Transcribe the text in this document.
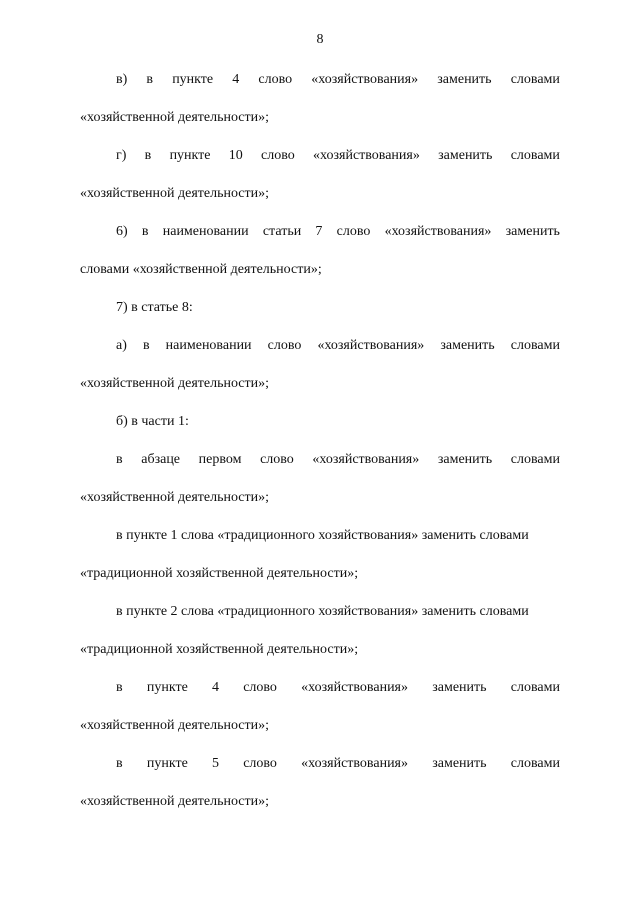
8
в) в пункте 4 слово «хозяйствования» заменить словами
«хозяйственной деятельности»;
г) в пункте 10 слово «хозяйствования» заменить словами
«хозяйственной деятельности»;
6) в наименовании статьи 7 слово «хозяйствования» заменить
словами «хозяйственной деятельности»;
7) в статье 8:
а) в наименовании слово «хозяйствования» заменить словами
«хозяйственной деятельности»;
б) в части 1:
в абзаце первом слово «хозяйствования» заменить словами
«хозяйственной деятельности»;
в пункте 1 слова «традиционного хозяйствования» заменить словами
«традиционной хозяйственной деятельности»;
в пункте 2 слова «традиционного хозяйствования» заменить словами
«традиционной хозяйственной деятельности»;
в пункте 4 слово «хозяйствования» заменить словами
«хозяйственной деятельности»;
в пункте 5 слово «хозяйствования» заменить словами
«хозяйственной деятельности»;
